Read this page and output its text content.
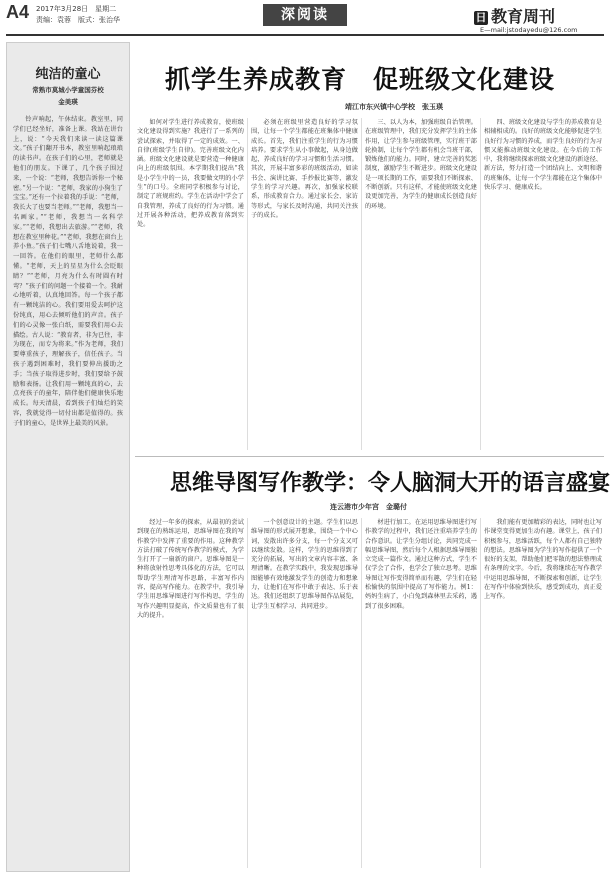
A4 2017年3月28日　星期二
责编：袁蓉　版式：张治华	深阅读	日 教育周刊
E—mail:jstodayedu@126.com
纯洁的童心
常熟市莫城小学童国芬校
金美瑛
铃声响起，午休结束。教室里，同学们已经坐好，准备上课。我站在讲台上，说：“今天我们来读一读这篇课文。”孩子们翻开书本，教室里响起琅琅的读书声。在孩子们的心里，老师就是他们的朋友。下课了，几个孩子围过来，一个说：“老师，我想告诉你一个秘密。”另一个说：“老师，我家的小狗生了宝宝。”还有一个拉着我的手说：“老师，我长大了也要当老师。”“老师，我想当一名画家。”“老师，我想当一名科学家。”“老师，我想出去旅游。”“老师，我想在教室里种花。”“老师，我想在窗台上养小鱼。”孩子们七嘴八舌地说着，我一一回答。在他们的眼里，老师什么都懂。“老师，天上的星星为什么会眨眼睛？”“老师，月亮为什么有时圆有时弯？”孩子们的问题一个接着一个。我耐心地听着，认真地回答。每一个孩子都有一颗纯洁的心。我们要用爱去呵护这份纯真，用心去倾听他们的声音。孩子们的心灵像一张白纸，需要我们用心去描绘。古人说：“教育者，非为已往，非为现在，而专为将来。”作为老师，我们要尊重孩子，理解孩子，信任孩子。当孩子遇到困难时，我们要伸出援助之手；当孩子取得进步时，我们要给予鼓励和表扬。让我们用一颗纯真的心，去点亮孩子的童年，陪伴他们健康快乐地成长。每天清晨，看到孩子们灿烂的笑容，我就觉得一切付出都是值得的。孩子们的童心，是世界上最美的风景。
抓学生养成教育　促班级文化建设
靖江市东兴镇中心学校　张玉瑛
如何对学生进行养成教育，使班级文化建设得到实施？我进行了一系列的尝试探索，并取得了一定的成效。一、自律(班级学生自律)。完善班级文化内涵。班级文化建设就是要营造一种健康向上的班级氛围。本学期我们提出“我是小学生中的一员，我要做文明的小学生”的口号。全班同学积极参与讨论，制定了班规班约。学生在活动中学会了自我管理，养成了良好的行为习惯。通过开展各种活动，把养成教育落到实处。
必须在班级里营造良好的学习氛围，让每一个学生都能在班集体中健康成长。首先，我们注重学生的行为习惯培养。要求学生从小事做起，从身边做起，养成良好的学习习惯和生活习惯。其次，开展丰富多彩的班级活动，如读书会、演讲比赛、手抄报比赛等，激发学生的学习兴趣。再次，加强家校联系，形成教育合力。通过家长会、家访等形式，与家长及时沟通，共同关注孩子的成长。
三、以人为本，加强班级自治管理。在班级管理中，我们充分发挥学生的主体作用，让学生参与班级管理，实行班干部轮换制，让每个学生都有机会当班干部，锻炼他们的能力。同时，建立完善的奖惩制度，激励学生不断进步。班级文化建设是一项长期的工作，需要我们不断探索、不断创新。只有这样，才能使班级文化建设更加完善，为学生的健康成长创造良好的环境。
四、班级文化建设与学生的养成教育是相辅相成的。良好的班级文化能够促进学生良好行为习惯的养成，而学生良好的行为习惯又能推动班级文化建设。在今后的工作中，我将继续探索班级文化建设的新途径、新方法，努力打造一个团结向上、文明和谐的班集体，让每一个学生都能在这个集体中快乐学习、健康成长。
思维导图写作教学：令人脑洞大开的语言盛宴
连云港市少年宫　金璐付
经过一年多的探索，从最初的尝试到现在的熟练运用，思维导图在我的写作教学中发挥了重要的作用。这种教学方法打破了传统写作教学的模式，为学生打开了一扇新的窗户。思维导图是一种将放射性思考具体化的方法，它可以帮助学生理清写作思路，丰富写作内容，提高写作能力。在教学中，我引导学生用思维导图进行写作构思，学生的写作兴趣明显提高，作文质量也有了很大的提升。
一个创意设计的主题。学生们以思维导图的形式展开想象，围绕一个中心词，发散出许多分支，每一个分支又可以继续发散。这样，学生的思维得到了充分的拓展，写出的文章内容丰富、条理清晰。在教学实践中，我发现思维导图能够有效地激发学生的创造力和想象力，让他们在写作中敢于表达、乐于表达。我们还组织了思维导图作品展览，让学生互相学习、共同进步。
材进行加工。在运用思维导图进行写作教学的过程中，我们还注重培养学生的合作意识。让学生分组讨论，共同完成一幅思维导图，然后每个人根据思维导图独立完成一篇作文。通过这种方式，学生不仅学会了合作，也学会了独立思考。思维导图让写作变得简单而有趣，学生们在轻松愉快的氛围中提高了写作能力。例1：妈妈生病了，小白兔到森林里去采药，遇到了很多困难。
我们能有更加精彩的表达，同时也让写作课堂变得更加生动有趣。课堂上，孩子们积极参与，思维活跃，每个人都有自己独特的想法。思维导图为学生的写作提供了一个很好的支架，帮助他们把零散的想法整理成有条理的文字。今后，我将继续在写作教学中运用思维导图，不断探索和创新，让学生在写作中体验到快乐，感受到成功，真正爱上写作。
